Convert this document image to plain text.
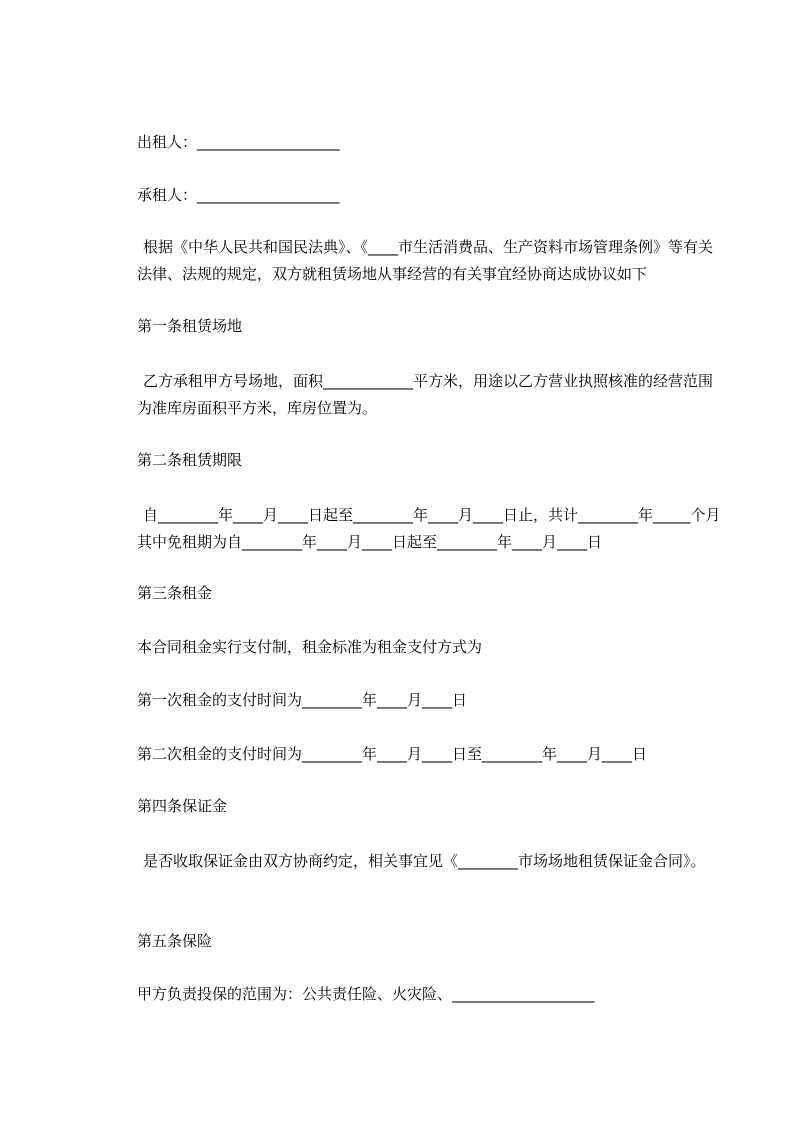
出租人：___________________
承租人：___________________
根据《中华人民共和国民法典》、《____市生活消费品、生产资料市场管理条例》等有关法律、法规的规定，双方就租赁场地从事经营的有关事宜经协商达成协议如下
第一条租赁场地
乙方承租甲方号场地，面积____________平方米，用途以乙方营业执照核准的经营范围为准库房面积平方米，库房位置为。
第二条租赁期限
自________年____月____日起至________年____月____日止，共计________年_____个月其中免租期为自________年____月____日起至________年____月____日
第三条租金
本合同租金实行支付制，租金标准为租金支付方式为
第一次租金的支付时间为________年____月____日
第二次租金的支付时间为________年____月____日至________年____月____日
第四条保证金
是否收取保证金由双方协商约定，相关事宜见《________市场场地租赁保证金合同》。
第五条保险
甲方负责投保的范围为：公共责任险、火灾险、___________________
